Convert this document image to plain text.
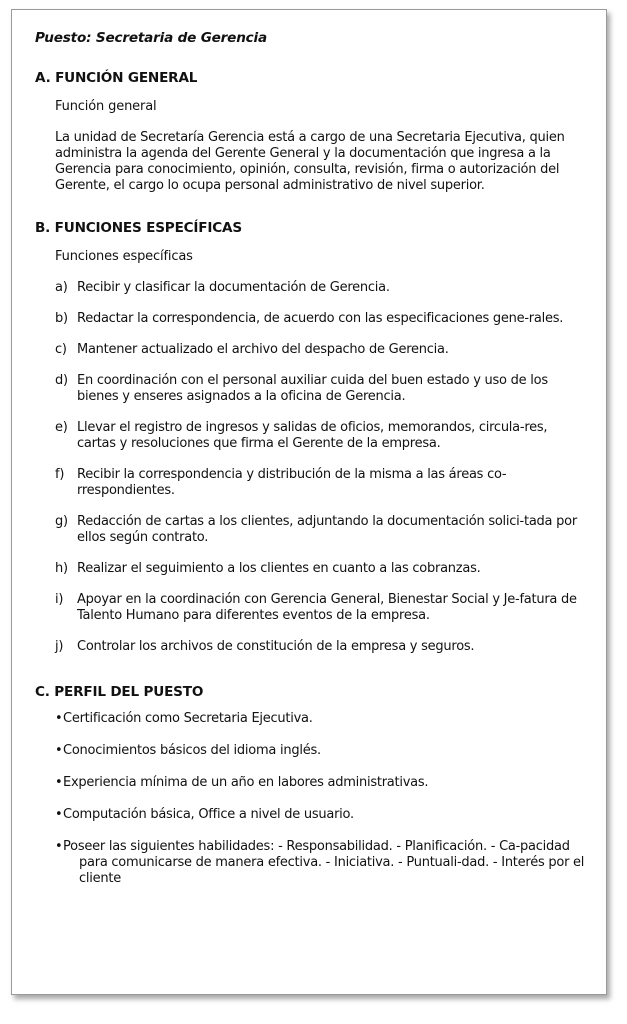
Puesto: Secretaria de Gerencia

A. FUNCIÓN GENERAL

Función general

La unidad de Secretaría Gerencia está a cargo de una Secretaria Ejecutiva, quien administra la agenda del Gerente General y la documentación que ingresa a la Gerencia para conocimiento, opinión, consulta, revisión, firma o autorización del Gerente, el cargo lo ocupa personal administrativo de nivel superior.

B. FUNCIONES ESPECÍFICAS

Funciones específicas

a) Recibir y clasificar la documentación de Gerencia.
b) Redactar la correspondencia, de acuerdo con las especificaciones gene-rales.
c) Mantener actualizado el archivo del despacho de Gerencia.
d) En coordinación con el personal auxiliar cuida del buen estado y uso de los bienes y enseres asignados a la oficina de Gerencia.
e) Llevar el registro de ingresos y salidas de oficios, memorandos, circula-res, cartas y resoluciones que firma el Gerente de la empresa.
f) Recibir la correspondencia y distribución de la misma a las áreas co-rrespondientes.
g) Redacción de cartas a los clientes, adjuntando la documentación solici-tada por ellos según contrato.
h) Realizar el seguimiento a los clientes en cuanto a las cobranzas.
i)	Apoyar en la coordinación con Gerencia General, Bienestar Social y Je-fatura de Talento Humano para diferentes eventos de la empresa.
j)	Controlar los archivos de constitución de la empresa y seguros.
C. PERFIL DEL PUESTO
• Certificación como Secretaria Ejecutiva.
• Conocimientos básicos del idioma inglés.
• Experiencia mínima de un año en labores administrativas.
• Computación básica, Office a nivel de usuario.
• Poseer las siguientes habilidades: - Responsabilidad. - Planificación. - Ca-pacidad para comunicarse de manera efectiva. - Iniciativa. - Puntuali-dad. - Interés por el cliente
